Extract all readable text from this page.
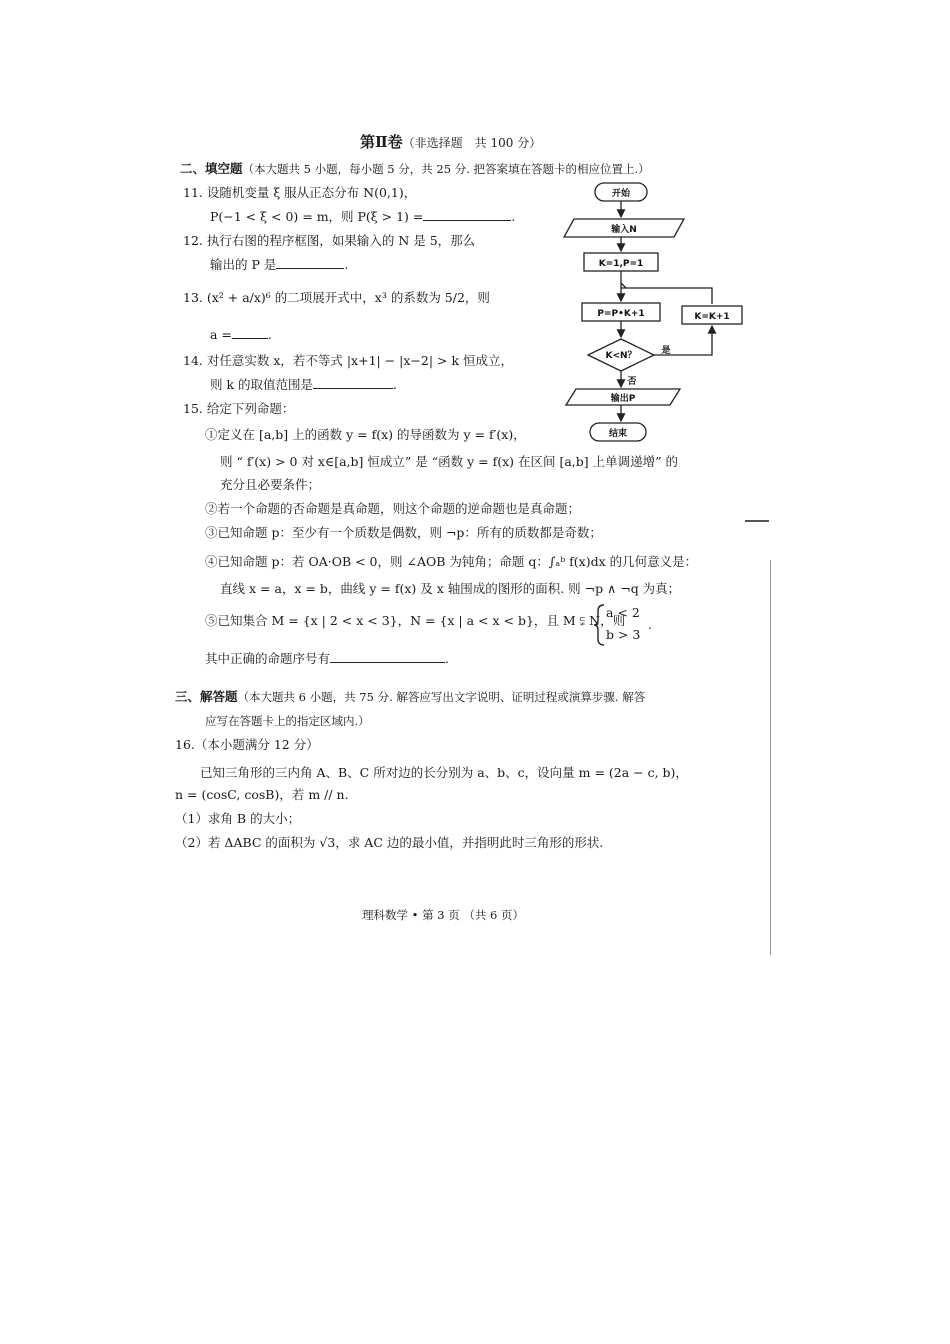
第Ⅱ卷（非选择题　共 100 分）
二、填空题（本大题共 5 小题，每小题 5 分，共 25 分. 把答案填在答题卡的相应位置上.）
11. 设随机变量 ξ 服从正态分布 N(0,1)，
P(−1 < ξ < 0) = m，则 P(ξ > 1) =	.
12. 执行右图的程序框图，如果输入的 N 是 5，那么
输出的 P 是	.
13. (x² + a/x)⁶ 的二项展开式中，x³ 的系数为 5/2，则
a =	.
14. 对任意实数 x，若不等式 |x+1| − |x−2| > k 恒成立，
则 k 的取值范围是	.
15. 给定下列命题：
①定义在 [a,b] 上的函数 y = f(x) 的导函数为 y = f′(x)，
则 “ f′(x) > 0 对 x∈[a,b] 恒成立” 是 “函数 y = f(x) 在区间 [a,b] 上单调递增” 的
充分且必要条件；
②若一个命题的否命题是真命题，则这个命题的逆命题也是真命题；
③已知命题 p：至少有一个质数是偶数，则 ¬p：所有的质数都是奇数；
④已知命题 p：若 OA·OB < 0，则 ∠AOB 为钝角；命题 q：∫ₐᵇ f(x)dx 的几何意义是：
直线 x = a，x = b，曲线 y = f(x) 及 x 轴围成的图形的面积. 则 ¬p ∧ ¬q 为真；
⑤已知集合 M = {x | 2 < x < 3}，N = {x | a < x < b}，且 M ⫋ N，则
a < 2
b > 3
.
其中正确的命题序号有	.
三、解答题（本大题共 6 小题，共 75 分. 解答应写出文字说明、证明过程或演算步骤. 解答
应写在答题卡上的指定区域内.）
16.（本小题满分 12 分）
已知三角形的三内角 A、B、C 所对边的长分别为 a、b、c，设向量 m = (2a − c, b)，
n = (cosC, cosB)，若 m // n.
（1）求角 B 的大小；
（2）若 ΔABC 的面积为 √3，求 AC 边的最小值，并指明此时三角形的形状.
开始
输入N
K=1,P=1
P=P•K+1	K=K+1
K<N？	是
否
输出P
结束
理科数学 • 第 3 页 （共 6 页）
